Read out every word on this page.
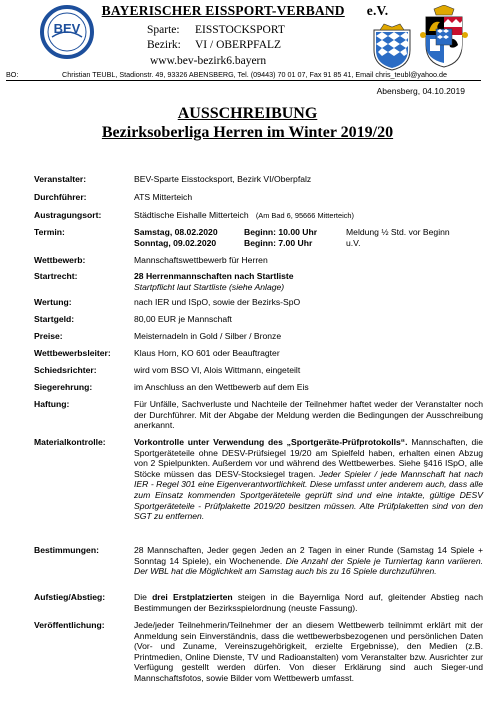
BEV
BAYERISCHER EISSPORT-VERBAND e.V.
Sparte: EISSTOCKSPORT
Bezirk: VI / OBERPFALZ
www.bev-bezirk6.bayern
BO:	Christian TEUBL, Stadionstr. 49, 93326 ABENSBERG, Tel. (09443) 70 01 07, Fax 91 85 41, Email chris_teubl@yahoo.de
Abensberg, 04.10.2019
AUSSCHREIBUNG
Bezirksoberliga Herren im Winter 2019/20
Veranstalter:	BEV-Sparte Eisstocksport, Bezirk VI/Oberpfalz
Durchführer:	ATS Mitterteich
Austragungsort:	Städtische Eishalle Mitterteich (Am Bad 6, 95666 Mitterteich)
Termin:	Samstag, 08.02.2020	Beginn: 10.00 Uhr	Meldung ½ Std. vor Beginn
Sonntag, 09.02.2020	Beginn: 7.00 Uhr	u.V.
Wettbewerb:	Mannschaftswettbewerb für Herren
Startrecht:	28 Herrenmannschaften nach Startliste
Startpflicht laut Startliste (siehe Anlage)
Wertung:	nach IER und ISpO, sowie der Bezirks-SpO
Startgeld:	80,00 EUR je Mannschaft
Preise:	Meisternadeln in Gold / Silber / Bronze
Wettbewerbsleiter:	Klaus Horn, KO 601 oder Beauftragter
Schiedsrichter:	wird vom BSO VI, Alois Wittmann, eingeteilt
Siegerehrung:	im Anschluss an den Wettbewerb auf dem Eis
Haftung:	Für Unfälle, Sachverluste und Nachteile der Teilnehmer haftet weder der Veranstalter noch der Durchführer. Mit der Abgabe der Meldung werden die Bedingungen der Ausschreibung anerkannt.
Materialkontrolle:	Vorkontrolle unter Verwendung des „Sportgeräte-Prüfprotokolls“. Mannschaften, die Sportgeräteteile ohne DESV-Prüfsiegel 19/20 am Spielfeld haben, erhalten einen Abzug von 2 Spielpunkten. Außerdem vor und während des Wettbewerbes. Siehe §416 ISpO, alle Stöcke müssen das DESV-Stocksiegel tragen. Jeder Spieler / jede Mannschaft hat nach IER - Regel 301 eine Eigenverantwortlichkeit. Diese umfasst unter anderem auch, dass alle zum Einsatz kommenden Sportgeräteteile geprüft sind und eine intakte, gültige DESV Sportgeräteteile - Prüfplakette 2019/20 besitzen müssen. Alte Prüfplaketten sind von den SGT zu entfernen.
Bestimmungen:	28 Mannschaften, Jeder gegen Jeden an 2 Tagen in einer Runde (Samstag 14 Spiele + Sonntag 14 Spiele), ein Wochenende. Die Anzahl der Spiele je Turniertag kann variieren. Der WBL hat die Möglichkeit am Samstag auch bis zu 16 Spiele durchzuführen.
Aufstieg/Abstieg:	Die drei Erstplatzierten steigen in die Bayernliga Nord auf, gleitender Abstieg nach Bestimmungen der Bezirksspielordnung (neuste Fassung).
Veröffentlichung:	Jede/jeder Teilnehmerin/Teilnehmer der an diesem Wettbewerb teilnimmt erklärt mit der Anmeldung sein Einverständnis, dass die wettbewerbsbezogenen und persönlichen Daten (Vor- und Zuname, Vereinszugehörigkeit, erzielte Ergebnisse), den Medien (z.B. Printmedien, Online Dienste, TV und Radioanstalten) vom Veranstalter bzw. Ausrichter zur Verfügung gestellt werden dürfen. Von dieser Erklärung sind auch Sieger-und Mannschaftsfotos, sowie Bilder vom Wettbewerb umfasst.
